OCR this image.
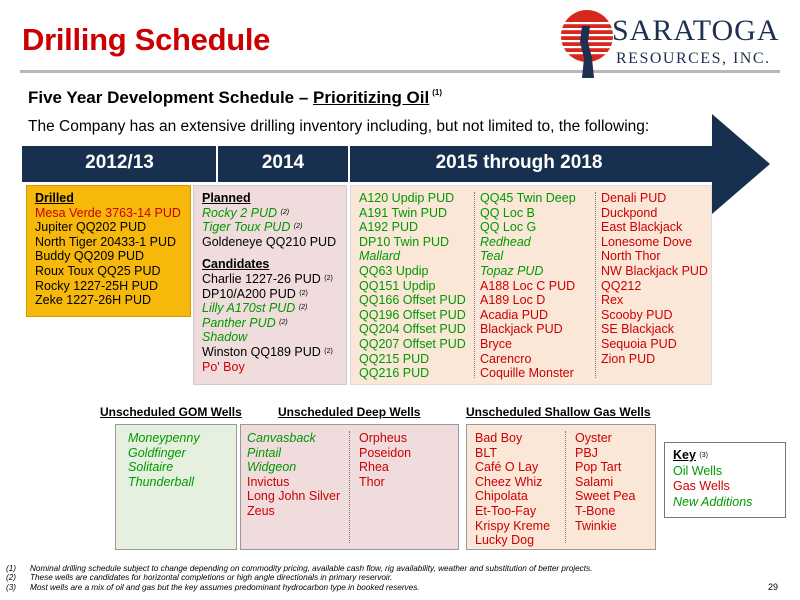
Drilling Schedule	SARATOGA
RESOURCES, INC.
Five Year Development Schedule – Prioritizing Oil $^{(1)}$
The Company has an extensive drilling inventory including, but not limited to, the following:
2012/13	2014	2015 through 2018
Drilled
Mesa Verde 3763-14 PUD
Jupiter QQ202 PUD
North Tiger 20433-1 PUD
Buddy QQ209 PUD
Roux Toux QQ25 PUD
Rocky 1227-25H PUD
Zeke 1227-26H PUD
Planned
Rocky 2 PUD $^{(2)}$
Tiger Toux PUD $^{(2)}$
Goldeneye QQ210 PUD
Candidates
Charlie 1227-26 PUD $^{(2)}$
DP10/A200 PUD $^{(2)}$
Lilly A170st PUD $^{(2)}$
Panther PUD $^{(2)}$
Shadow
Winston QQ189 PUD $^{(2)}$
Po' Boy
A120 Updip PUD
A191 Twin PUD
A192 PUD
DP10 Twin PUD
Mallard
QQ63 Updip
QQ151 Updip
QQ166 Offset PUD
QQ196 Offset PUD
QQ204 Offset PUD
QQ207 Offset PUD
QQ215 PUD
QQ216 PUD
QQ45 Twin Deep
QQ Loc B
QQ Loc G
Redhead
Teal
Topaz PUD
A188 Loc C PUD
A189 Loc D
Acadia PUD
Blackjack PUD
Bryce
Carencro
Coquille Monster
Denali PUD
Duckpond
East Blackjack
Lonesome Dove
North Thor
NW Blackjack PUD
QQ212
Rex
Scooby PUD
SE Blackjack
Sequoia PUD
Zion PUD
Unscheduled GOM Wells	Unscheduled Deep Wells	Unscheduled Shallow Gas Wells
Moneypenny
Goldfinger
Solitaire
Thunderball
Canvasback
Pintail
Widgeon
Invictus
Long John Silver
Zeus
Orpheus
Poseidon
Rhea
Thor
Bad Boy
BLT
Café O Lay
Cheez Whiz
Chipolata
Et-Too-Fay
Krispy Kreme
Lucky Dog
Oyster
PBJ
Pop Tart
Salami
Sweet Pea
T-Bone
Twinkie
Key $^{(3)}$
Oil Wells
Gas Wells
New Additions
(1) Nominal drilling schedule subject to change depending on commodity pricing, available cash flow, rig availability, weather and substitution of better projects.
(2) These wells are candidates for horizontal completions or high angle directionals in primary reservoir.
(3) Most wells are a mix of oil and gas but the key assumes predominant hydrocarbon type in booked reserves.	29
